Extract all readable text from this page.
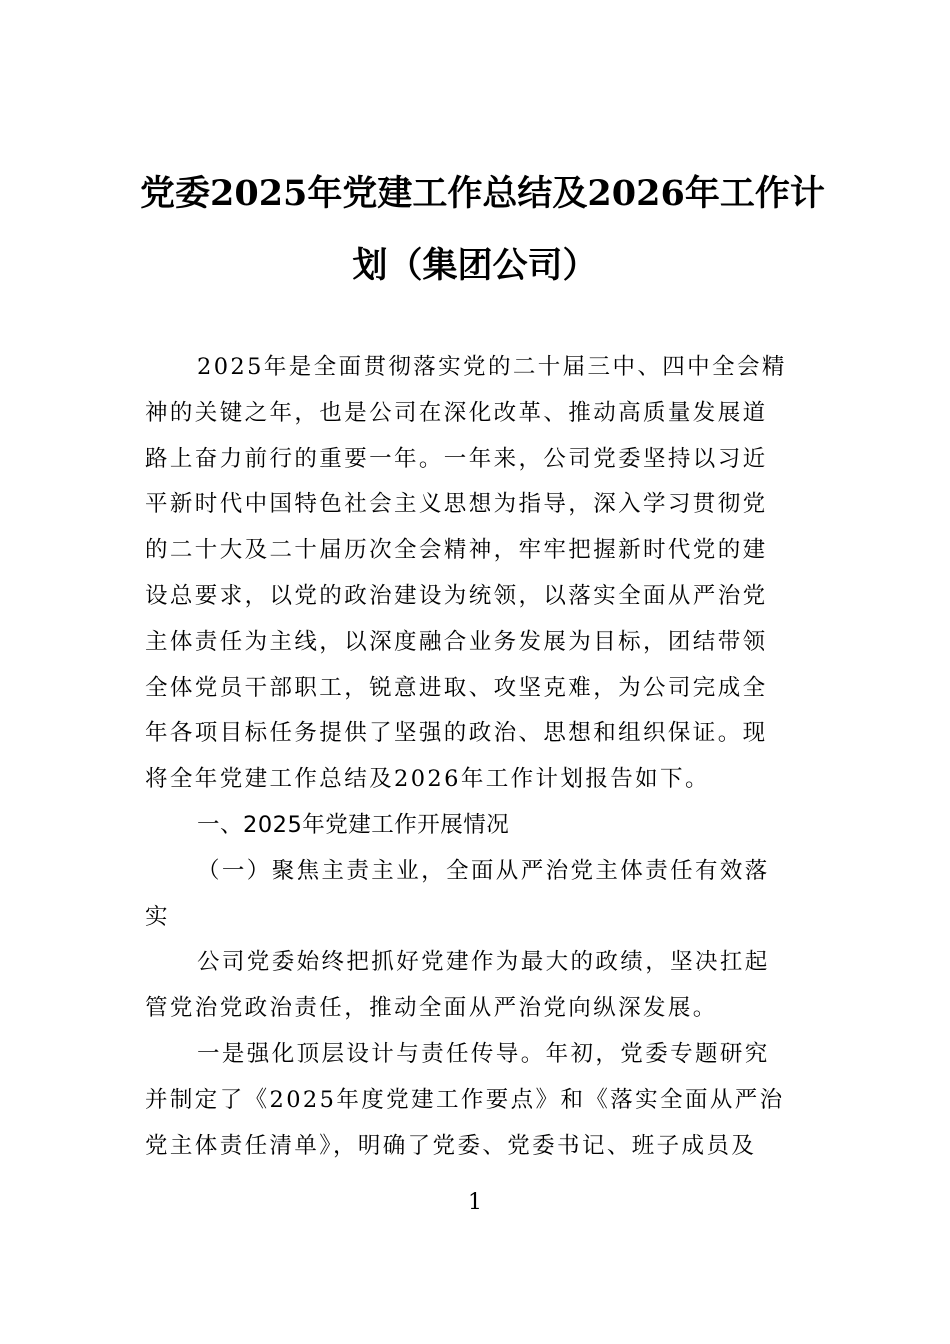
党委2025年党建工作总结及2026年工作计
划（集团公司）
2025年是全面贯彻落实党的二十届三中、四中全会精
神的关键之年，也是公司在深化改革、推动高质量发展道
路上奋力前行的重要一年。一年来，公司党委坚持以习近
平新时代中国特色社会主义思想为指导，深入学习贯彻党
的二十大及二十届历次全会精神，牢牢把握新时代党的建
设总要求，以党的政治建设为统领，以落实全面从严治党
主体责任为主线，以深度融合业务发展为目标，团结带领
全体党员干部职工，锐意进取、攻坚克难，为公司完成全
年各项目标任务提供了坚强的政治、思想和组织保证。现
将全年党建工作总结及2026年工作计划报告如下。
一、2025年党建工作开展情况
（一）聚焦主责主业，全面从严治党主体责任有效落
实
公司党委始终把抓好党建作为最大的政绩，坚决扛起
管党治党政治责任，推动全面从严治党向纵深发展。
一是强化顶层设计与责任传导。年初，党委专题研究
并制定了《2025年度党建工作要点》和《落实全面从严治
党主体责任清单》，明确了党委、党委书记、班子成员及
1
